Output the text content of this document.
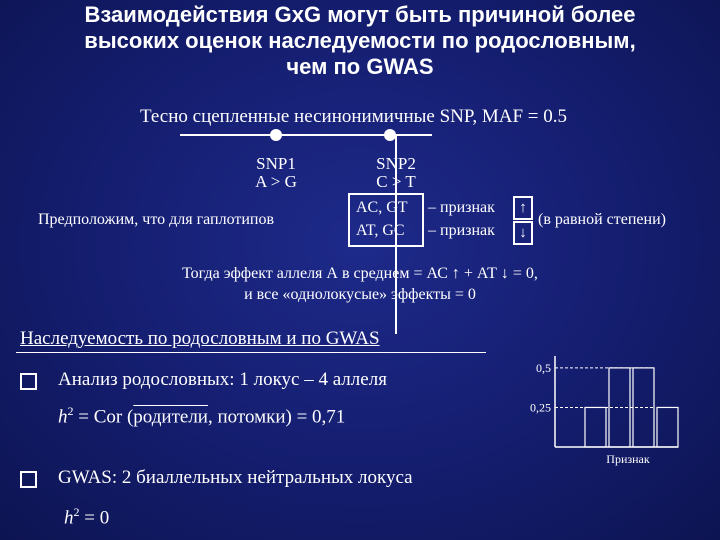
Взаимодействия GxG могут быть причиной более
высоких оценок наследуемости по родословным,
чем по GWAS
Тесно сцепленные несинонимичные SNP, MAF = 0.5
SNP1
A > G
SNP2
C > T
Предположим, что для гаплотипов
AC, GT
AT, GC
– признак
– признак
↑
↓
(в равной степени)
Тогда эффект аллеля А в среднем = АС ↑ + АТ ↓ = 0,
и все «однолокусые» эффекты = 0
Наследуемость по родословным и по GWAS
Анализ родословных: 1 локус – 4 аллеля
$h^2$ = Cor (родители, потомки) = 0,71
GWAS: 2 биаллельных нейтральных локуса
$h^2 = 0$
0,5
0,25
Признак
